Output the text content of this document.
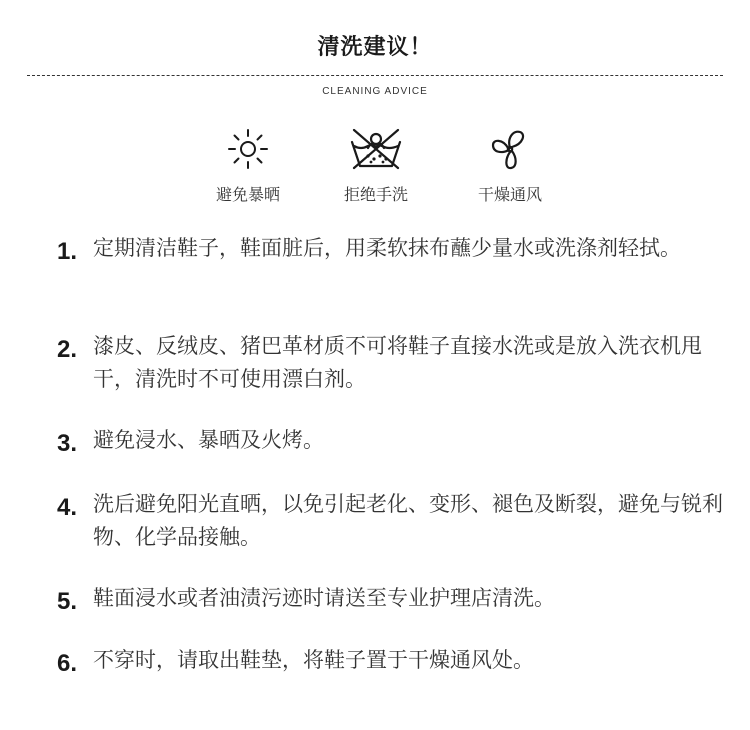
清洗建议！
CLEANING ADVICE
避免暴晒	拒绝手洗	干燥通风
1. 定期清洁鞋子，鞋面脏后，用柔软抹布蘸少量水或洗涤剂轻拭。
2. 漆皮、反绒皮、猪巴革材质不可将鞋子直接水洗或是放入洗衣机甩干，清洗时不可使用漂白剂。
3. 避免浸水、暴晒及火烤。
4. 洗后避免阳光直晒，以免引起老化、变形、褪色及断裂，避免与锐利物、化学品接触。
5. 鞋面浸水或者油渍污迹时请送至专业护理店清洗。
6. 不穿时，请取出鞋垫，将鞋子置于干燥通风处。
